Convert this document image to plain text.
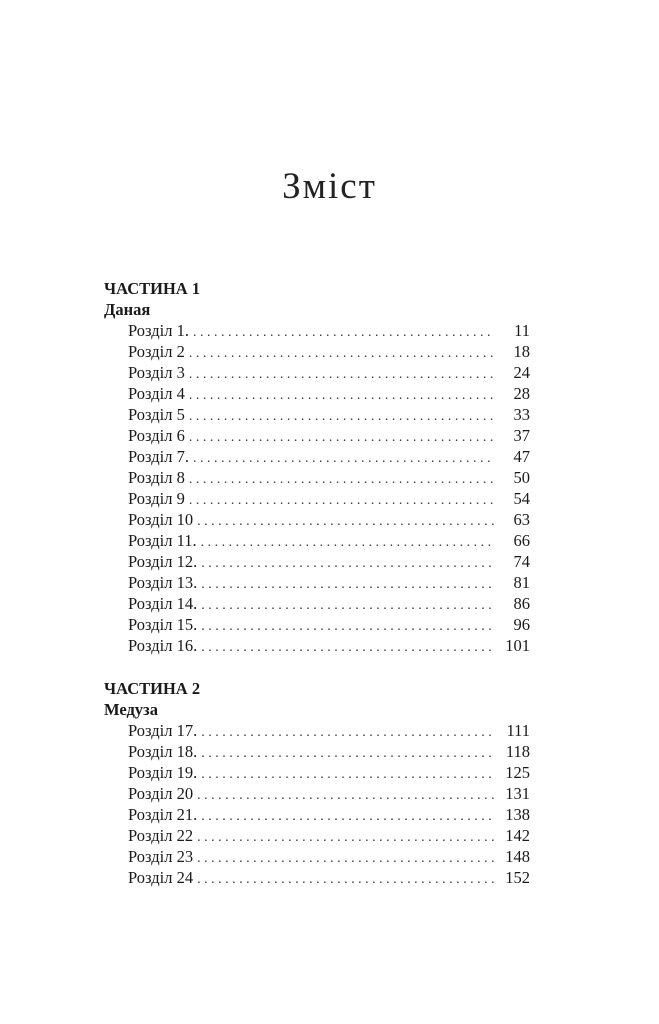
Зміст
ЧАСТИНА 1
Даная
Розділ 1. . . .	11
Розділ 2 . . .	18
Розділ 3 . . .	24
Розділ 4 . . .	28
Розділ 5 . . .	33
Розділ 6 . . .	37
Розділ 7. . . .	47
Розділ 8 . . .	50
Розділ 9 . . .	54
Розділ 10 . . .	63
Розділ 11. . . .	66
Розділ 12. . . .	74
Розділ 13. . . .	81
Розділ 14. . . .	86
Розділ 15. . . .	96
Розділ 16. . . .	101
ЧАСТИНА 2
Медуза
Розділ 17. . . .	111
Розділ 18. . . .	118
Розділ 19. . . .	125
Розділ 20 . . .	131
Розділ 21. . . .	138
Розділ 22 . . .	142
Розділ 23 . . .	148
Розділ 24 . . .	152
